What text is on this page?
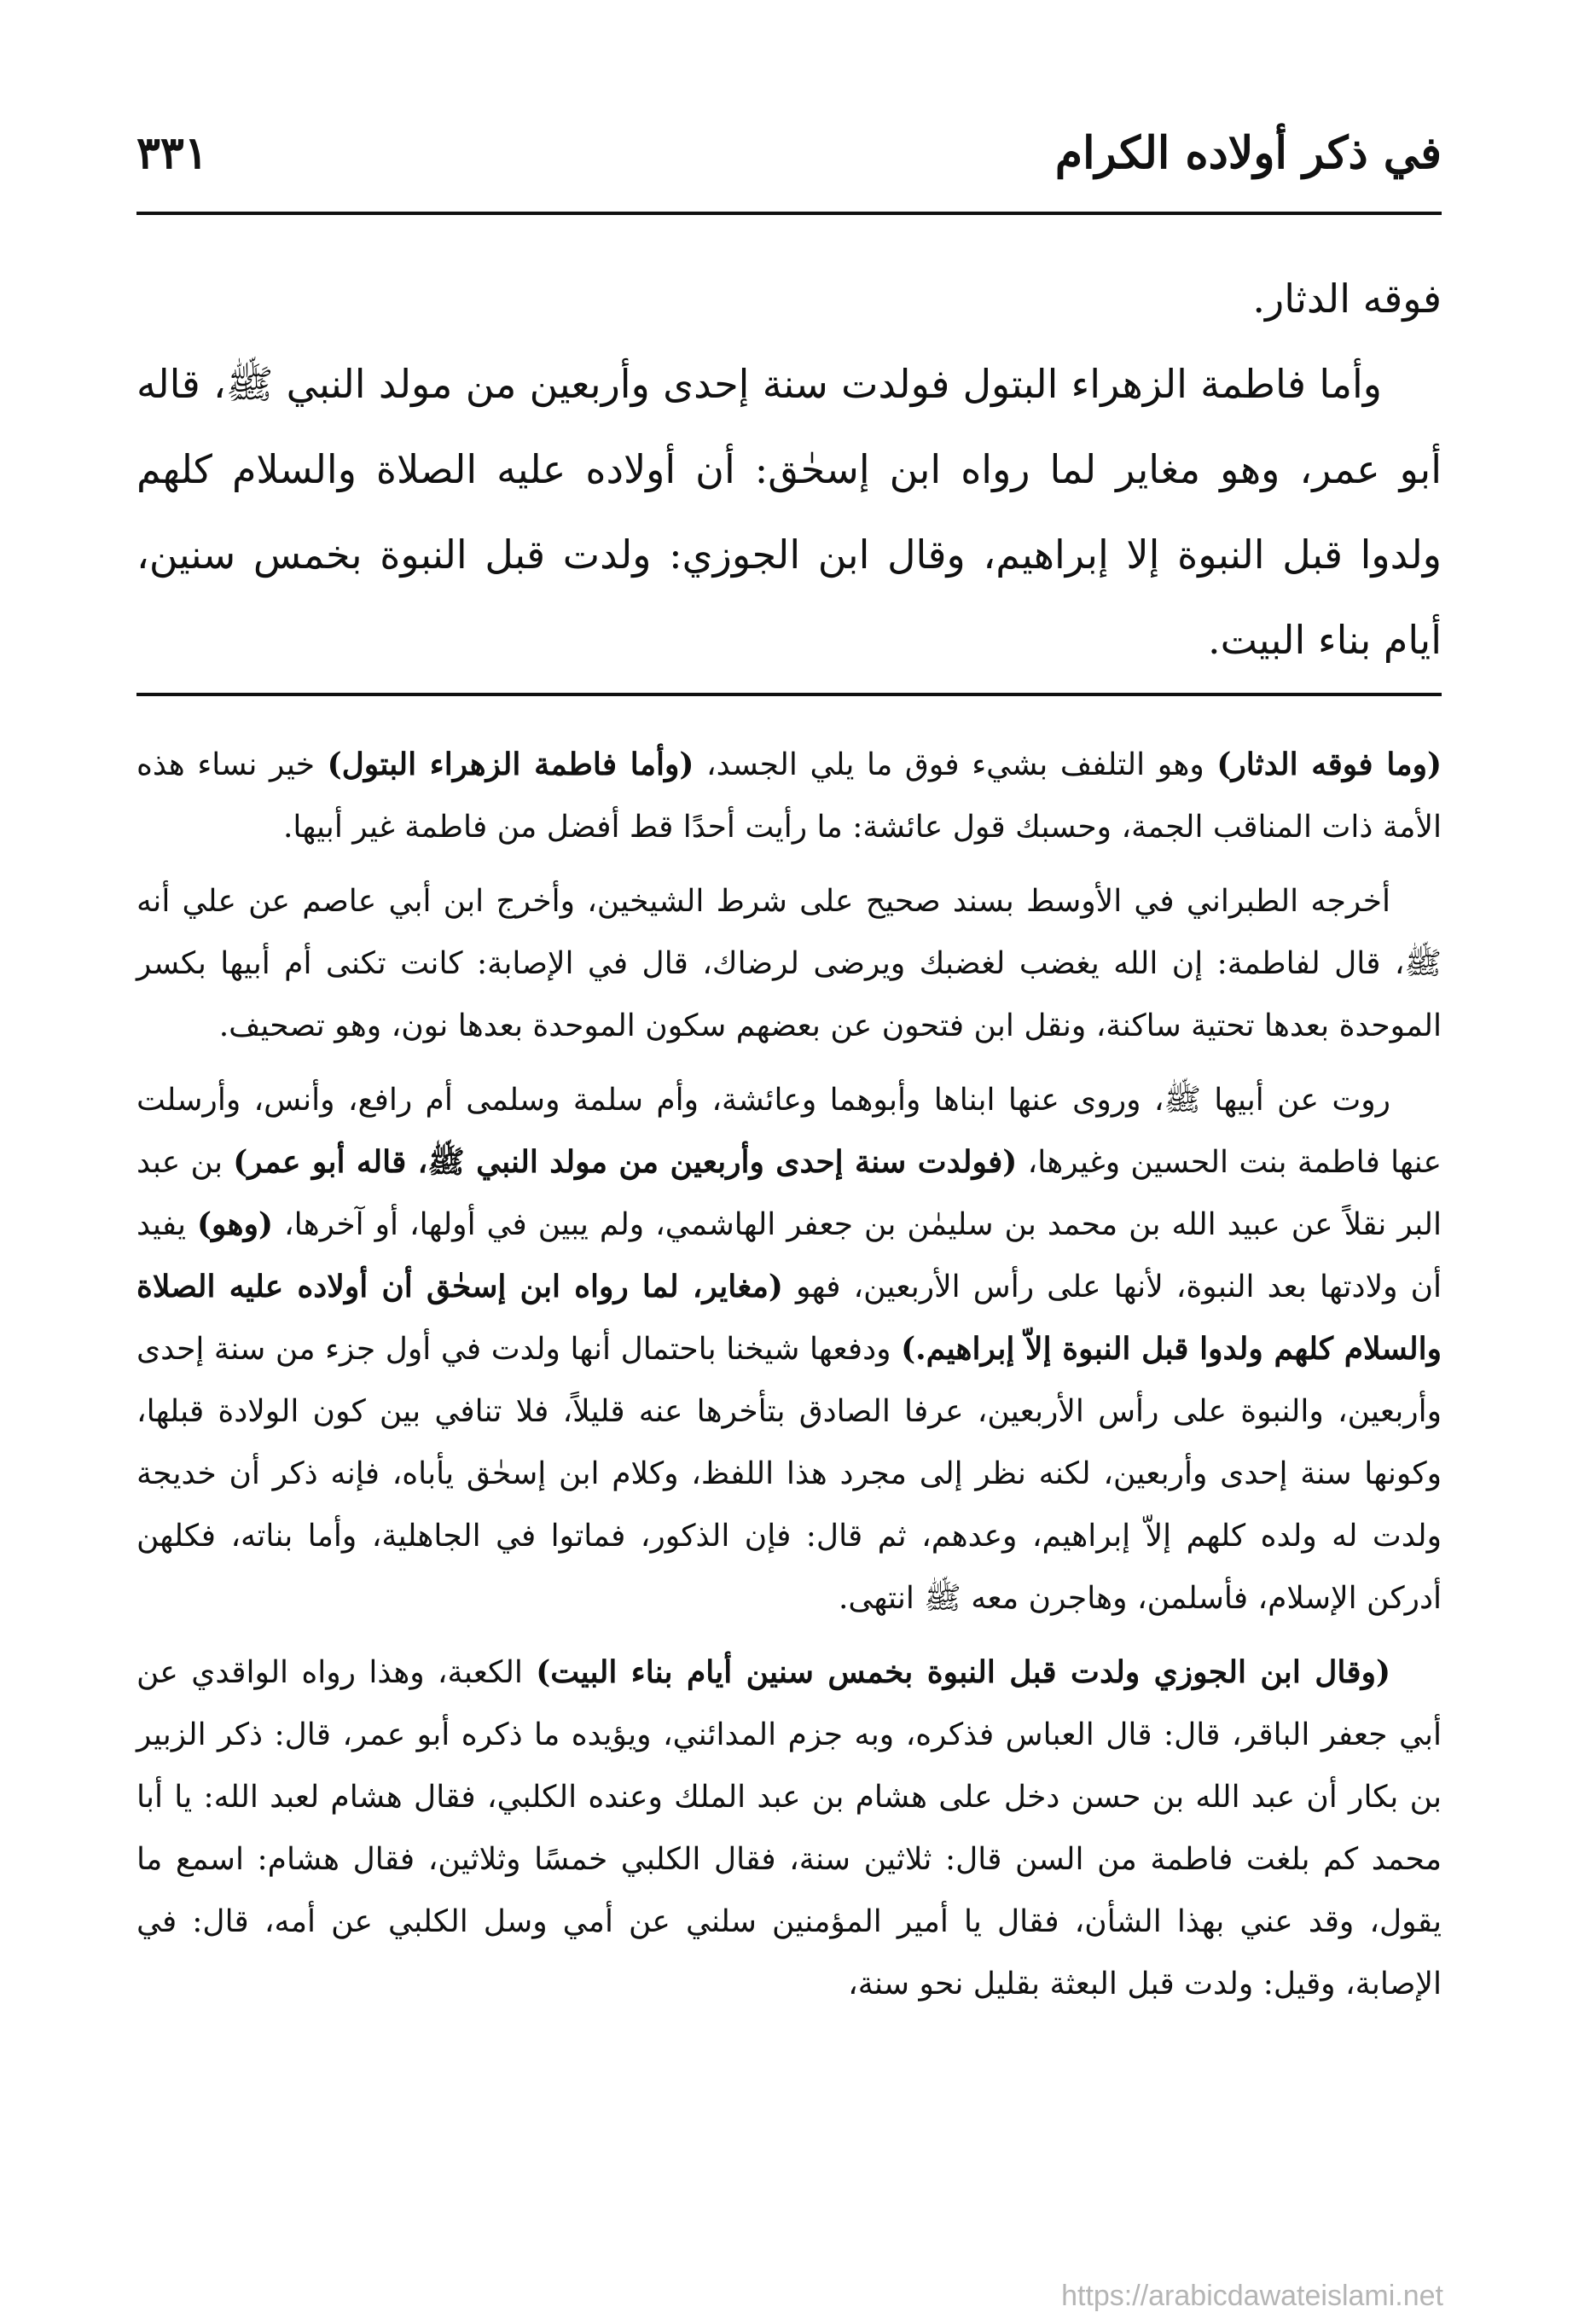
في ذكر أولاده الكرام
٣٣١

فوقه الدثار.

وأما فاطمة الزهراء البتول فولدت سنة إحدى وأربعين من مولد النبي ﷺ، قاله أبو عمر، وهو مغاير لما رواه ابن إسحٰق: أن أولاده عليه الصلاة والسلام كلهم ولدوا قبل النبوة إلا إبراهيم، وقال ابن الجوزي: ولدت قبل النبوة بخمس سنين، أيام بناء البيت.

(وما فوقه الدثار) وهو التلفف بشيء فوق ما يلي الجسد، (وأما فاطمة الزهراء البتول) خير نساء هذه الأمة ذات المناقب الجمة، وحسبك قول عائشة: ما رأيت أحدًا قط أفضل من فاطمة غير أبيها.

أخرجه الطبراني في الأوسط بسند صحيح على شرط الشيخين، وأخرج ابن أبي عاصم عن علي أنه ﷺ، قال لفاطمة: إن الله يغضب لغضبك ويرضى لرضاك، قال في الإصابة: كانت تكنى أم أبيها بكسر الموحدة بعدها تحتية ساكنة، ونقل ابن فتحون عن بعضهم سكون الموحدة بعدها نون، وهو تصحيف.

روت عن أبيها ﷺ، وروى عنها ابناها وأبوهما وعائشة، وأم سلمة وسلمى أم رافع، وأنس، وأرسلت عنها فاطمة بنت الحسين وغيرها، (فولدت سنة إحدى وأربعين من مولد النبي ﷺ، قاله أبو عمر) بن عبد البر نقلاً عن عبيد الله بن محمد بن سليمٰن بن جعفر الهاشمي، ولم يبين في أولها، أو آخرها، (وهو) يفيد أن ولادتها بعد النبوة، لأنها على رأس الأربعين، فهو (مغاير، لما رواه ابن إسحٰق أن أولاده عليه الصلاة والسلام كلهم ولدوا قبل النبوة إلاّ إبراهيم.) ودفعها شيخنا باحتمال أنها ولدت في أول جزء من سنة إحدى وأربعين، والنبوة على رأس الأربعين، عرفا الصادق بتأخرها عنه قليلاً، فلا تنافي بين كون الولادة قبلها، وكونها سنة إحدى وأربعين، لكنه نظر إلى مجرد هذا اللفظ، وكلام ابن إسحٰق يأباه، فإنه ذكر أن خديجة ولدت له ولده كلهم إلاّ إبراهيم، وعدهم، ثم قال: فإن الذكور، فماتوا في الجاهلية، وأما بناته، فكلهن أدركن الإسلام، فأسلمن، وهاجرن معه ﷺ انتهى.

(وقال ابن الجوزي ولدت قبل النبوة بخمس سنين أيام بناء البيت) الكعبة، وهذا رواه الواقدي عن أبي جعفر الباقر، قال: قال العباس فذكره، وبه جزم المدائني، ويؤيده ما ذكره أبو عمر، قال: ذكر الزبير بن بكار أن عبد الله بن حسن دخل على هشام بن عبد الملك وعنده الكلبي، فقال هشام لعبد الله: يا أبا محمد كم بلغت فاطمة من السن قال: ثلاثين سنة، فقال الكلبي خمسًا وثلاثين، فقال هشام: اسمع ما يقول، وقد عني بهذا الشأن، فقال يا أمير المؤمنين سلني عن أمي وسل الكلبي عن أمه، قال: في الإصابة، وقيل: ولدت قبل البعثة بقليل نحو سنة،

https://arabicdawateislami.net
